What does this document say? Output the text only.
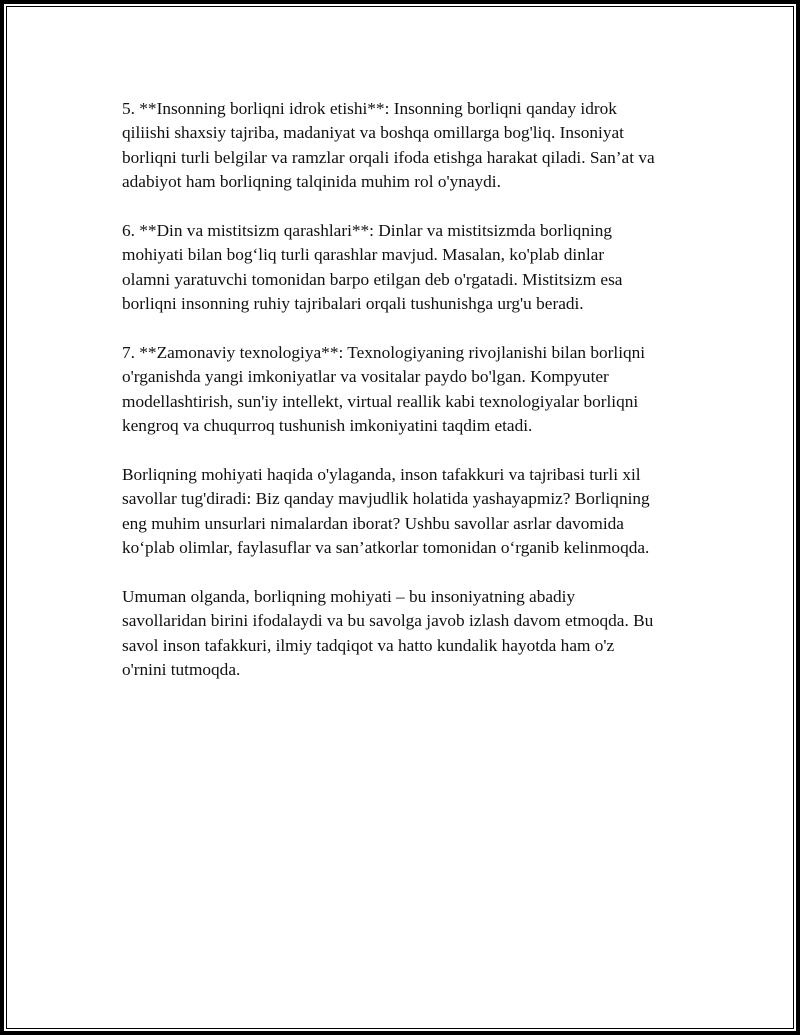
5. **Insonning borliqni idrok etishi**: Insonning borliqni qanday idrok
qiliishi shaxsiy tajriba, madaniyat va boshqa omillarga bog'liq. Insoniyat
borliqni turli belgilar va ramzlar orqali ifoda etishga harakat qiladi. San’at va
adabiyot ham borliqning talqinida muhim rol o'ynaydi.

6. **Din va mistitsizm qarashlari**: Dinlar va mistitsizmda borliqning
mohiyati bilan bog‘liq turli qarashlar mavjud. Masalan, ko'plab dinlar
olamni yaratuvchi tomonidan barpo etilgan deb o'rgatadi. Mistitsizm esa
borliqni insonning ruhiy tajribalari orqali tushunishga urg'u beradi.

7. **Zamonaviy texnologiya**: Texnologiyaning rivojlanishi bilan borliqni
o'rganishda yangi imkoniyatlar va vositalar paydo bo'lgan. Kompyuter
modellashtirish, sun'iy intellekt, virtual reallik kabi texnologiyalar borliqni
kengroq va chuqurroq tushunish imkoniyatini taqdim etadi.

Borliqning mohiyati haqida o'ylaganda, inson tafakkuri va tajribasi turli xil
savollar tug'diradi: Biz qanday mavjudlik holatida yashayapmiz? Borliqning
eng muhim unsurlari nimalardan iborat? Ushbu savollar asrlar davomida
ko‘plab olimlar, faylasuflar va san’atkorlar tomonidan o‘rganib kelinmoqda.

Umuman olganda, borliqning mohiyati – bu insoniyatning abadiy
savollaridan birini ifodalaydi va bu savolga javob izlash davom etmoqda. Bu
savol inson tafakkuri, ilmiy tadqiqot va hatto kundalik hayotda ham o'z
o'rnini tutmoqda.
